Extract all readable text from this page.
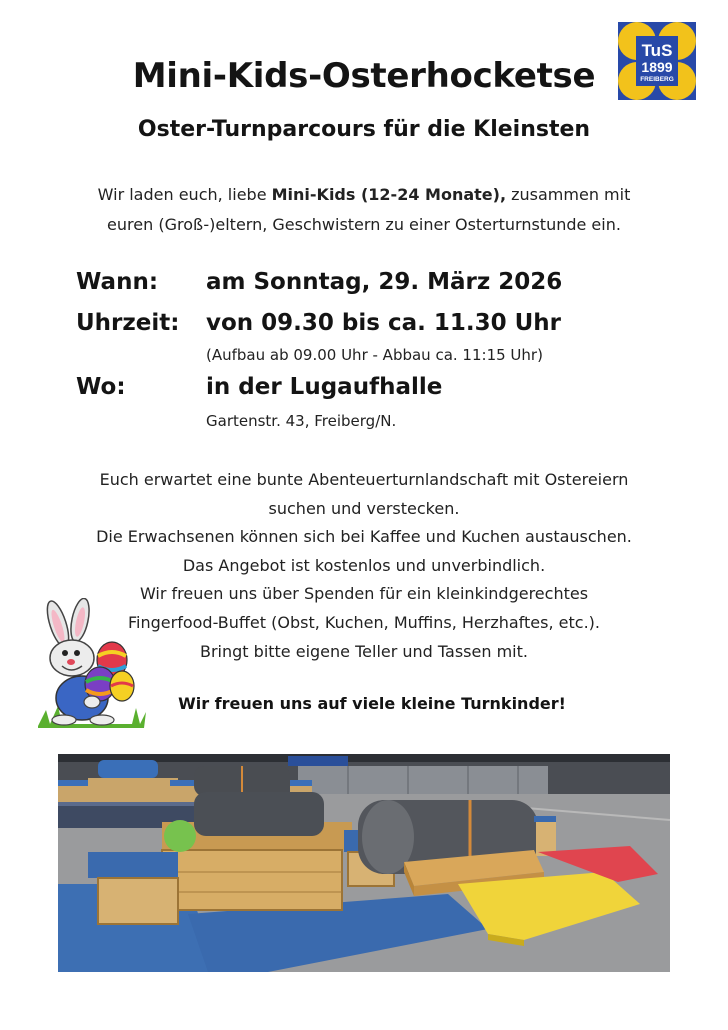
TuS
1899
FREIBERG
Mini-Kids-Osterhocketse
Oster-Turnparcours für die Kleinsten
Wir laden euch, liebe Mini-Kids (12-24 Monate), zusammen mit
euren (Groß-)eltern, Geschwistern zu einer Osterturnstunde ein.
Wann: am Sonntag, 29. März 2026
Uhrzeit: von 09.30 bis ca. 11.30 Uhr
(Aufbau ab 09.00 Uhr - Abbau ca. 11:15 Uhr)
Wo:	in der Lugaufhalle
Gartenstr. 43, Freiberg/N.
Euch erwartet eine bunte Abenteuerturnlandschaft mit Ostereiern
suchen und verstecken.
Die Erwachsenen können sich bei Kaffee und Kuchen austauschen.
Das Angebot ist kostenlos und unverbindlich.
Wir freuen uns über Spenden für ein kleinkindgerechtes
Fingerfood-Buffet (Obst, Kuchen, Muffins, Herzhaftes, etc.).
Bringt bitte eigene Teller und Tassen mit.
Wir freuen uns auf viele kleine Turnkinder!
